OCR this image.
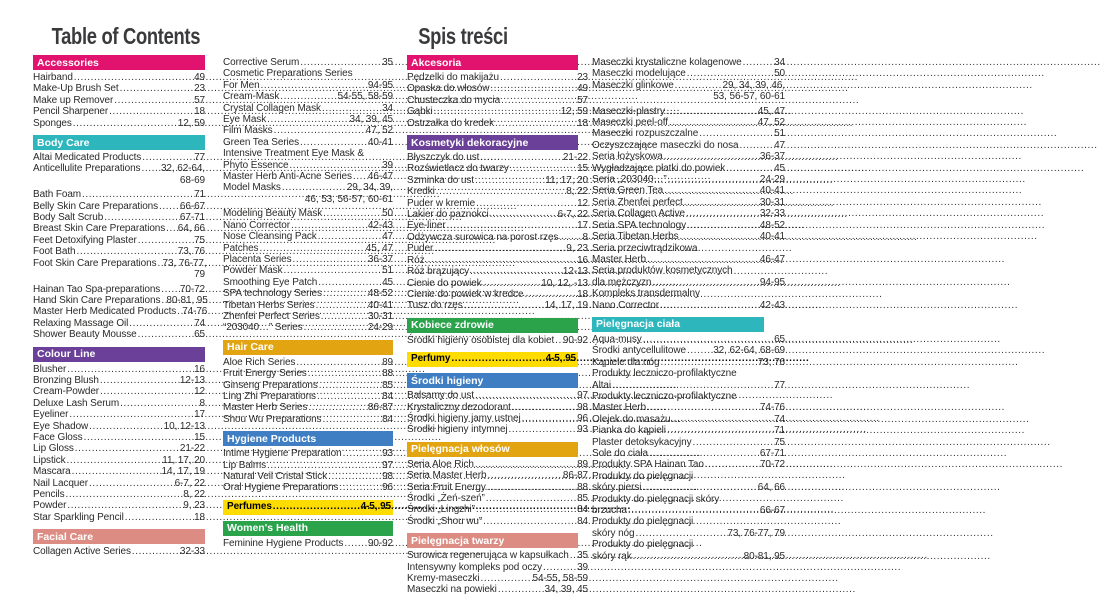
Table of Contents	Spis treści
Accessories
Hairband .....	49
Make-Up Brush Set .....	23
Make up Remover .....	57
Pencil Sharpener .....	18
Sponges .....	12, 59
Body Care
Altai Medicated Products .....	77
Anticellulite Preparations ..... 32, 62-64,
68-69
Bath Foam .....	71
Belly Skin Care Preparations ..... 66-67
Body Salt Scrub .....	67-71
Breast Skin Care Preparations ..... 64, 66
Feet Detoxifying Plaster .....	75
Foot Bath .....	73, 76
Foot Skin Care Preparations ..... 73, 76-77,
79
Hainan Tao Spa-preparations ..... 70-72
Hand Skin Care Preparations ..... 80-81, 95
Master Herb Medicated Products ..... 74-76
Relaxing Massage Oil .....	74
Shower Beauty Mousse .....	65
Colour Line
Blusher .....	16
Bronzing Blush .....	12-13
Cream-Powder .....	12
Deluxe Lash Serum .....	8
Eyeliner .....	17
Eye Shadow .....	10, 12-13
Face Gloss .....	15
Lip Gloss .....	21-22
Lipstick .....	11, 17, 20
Mascara .....	14, 17, 19
Nail Lacquer .....	6-7, 22
Pencils .....	8, 22
Powder .....	9, 23
Star Sparkling Pencil .....	18
Facial Care
Collagen Active Series .....	32-33
Corrective Serum .....	35
Cosmetic Preparations Series
For Men .....	94-95
Cream-Mask .....	54-55, 58-59
Crystal Collagen Mask .....	34
Eye Mask .....	34, 39, 45
Film Masks .....	47, 52
Green Tea Series .....	40-41
Intensive Treatment Eye Mask &
Phyto Essence .....	39
Master Herb Anti-Acne Series ..... 46-47
Model Masks .....	29, 34, 39,
46, 53, 56-57, 60-61
Modeling Beauty Mask .....	50
Nano Corrector .....	42-43
Nose Cleansing Pack .....	47
Patches .....	45, 47
Placenta Series .....	36-37
Powder Mask .....	51
Smoothing Eye Patch .....	45
SPA technology Series .....	48-52
Tibetan Herbs Series .....	40-41
Zhenfei Perfect Series .....	30-31
“203040…” Series .....	24-29
Hair Care
Aloe Rich Series .....	89
Fruit Energy Series .....	88
Ginseng Preparations .....	85
Ling Zhi Preparations .....	84
Master Herb Series .....	86-87
Shou Wu Preparations .....	84
Hygiene Products
Intime Hygiene Preparation .....	93
Lip Balms .....	97
Natural Veil Cristal Stick .....	98
Oral Hygiene Preparations .....	96
Perfumes .....	4-5, 95
Women's Health
Feminine Hygiene Products ..... 90-92
Akcesoria
Pędzelki do makijażu .....	23
Opaska do włosów .....	49
Chusteczka do mycia .....	57
Gąbki .....	12, 59
Ostrzałka do kredek .....	18
Kosmetyki dekoracyjne
Błyszczyk do ust .....	21-22
Rozświetlacz do twarzy .....	15
Szminka do ust .....	11, 17, 20
Kredki .....	8, 22
Puder w kremie .....	12
Lakier do paznokci .....	6-7, 22
Eye-liner .....	17
Odżywcza surowica na porost rzęs ..... 8
Puder .....	9, 23
Róż .....	16
Róż brązujący .....	12-13
Cienie do powiek .....	10, 12, -13
Cienie do powiek w kredce .....	18
Tusz do rzęs .....	14, 17, 19
Kobiece zdrowie
Środki higieny osobistej dla kobiet ..... 90-92
Perfumy .....	4-5, 95
Środki higieny
Balsamy do ust .....	97
Krystaliczny dezodorant .....	98
Środki higieny jamy ustnej .....	96
Środki higieny intymnej .....	93
Pielęgnacja włosów
Seria Aloe Rich .....	89
Seria Master Herb .....	86-87
Seria Fruit Energy .....	88
Środki „Żeń-szeń” .....	85
Środki „Lingzhi” .....	84
Środki „Shou wu” .....	84
Pielęgnacja twarzy
Surowica regenerująca w kapsułkach ..... 35
Intensywny kompleks pod oczy .....	39
Kremy-maseczki .....	54-55, 58-59
Maseczki na powieki .....	34, 39, 45
Maseczki krystaliczne kolagenowe .....	34
Maseczki modelujące .....	50
Maseczki glinkowe .....	29, 34, 39, 46,
53, 56-57, 60-61
Maseczki-plastry .....	45, 47
Maseczki peel-off .....	47, 52
Maseczki rozpuszczalne .....	51
Oczyszczające maseczki do nosa .....	47
Seria łożyskowa .....	36-37
Wygładzające płatki do powiek .....	45
Seria „203040…” .....	24-29
Seria Green Tea .....	40-41
Seria Zhenfei perfect .....	30-31
Seria Collagen Active .....	32-33
Seria SPA technology .....	48-52
Seria Tibetan Herbs .....	40-41
Seria przeciwtrądzikowa
Master Herb .....	46-47
Seria produktów kosmetycznych
dla mężczyzn .....	94-95
Kompleks transdermalny
Nano Corrector .....	42-43
Pielęgnacja ciała
Aqua-musy .....	65
Środki antycellulitowe .....	32, 62-64, 68-69
Kąpiele dla nóg .....	73, 76
Produkty leczniczo-profilaktyczne
Altai .....	77
Produkty leczniczo-profilaktyczne
Master Herb .....	74-76
Olejek do masażu .....	74
Pianka do kąpieli .....	71
Plaster detoksykacyjny .....	75
Sole do ciała .....	67-71
Produkty SPA Hainan Tao .....	70-72
Produkty do pielęgnacji
skóry piersi .....	64, 66
Produkty do pielęgnacji skóry
brzucha .....	66-67
Produkty do pielęgnacji
skóry nóg .....	73, 76-77, 79
Produkty do pielęgnacji
skóry rąk .....	80-81, 95
